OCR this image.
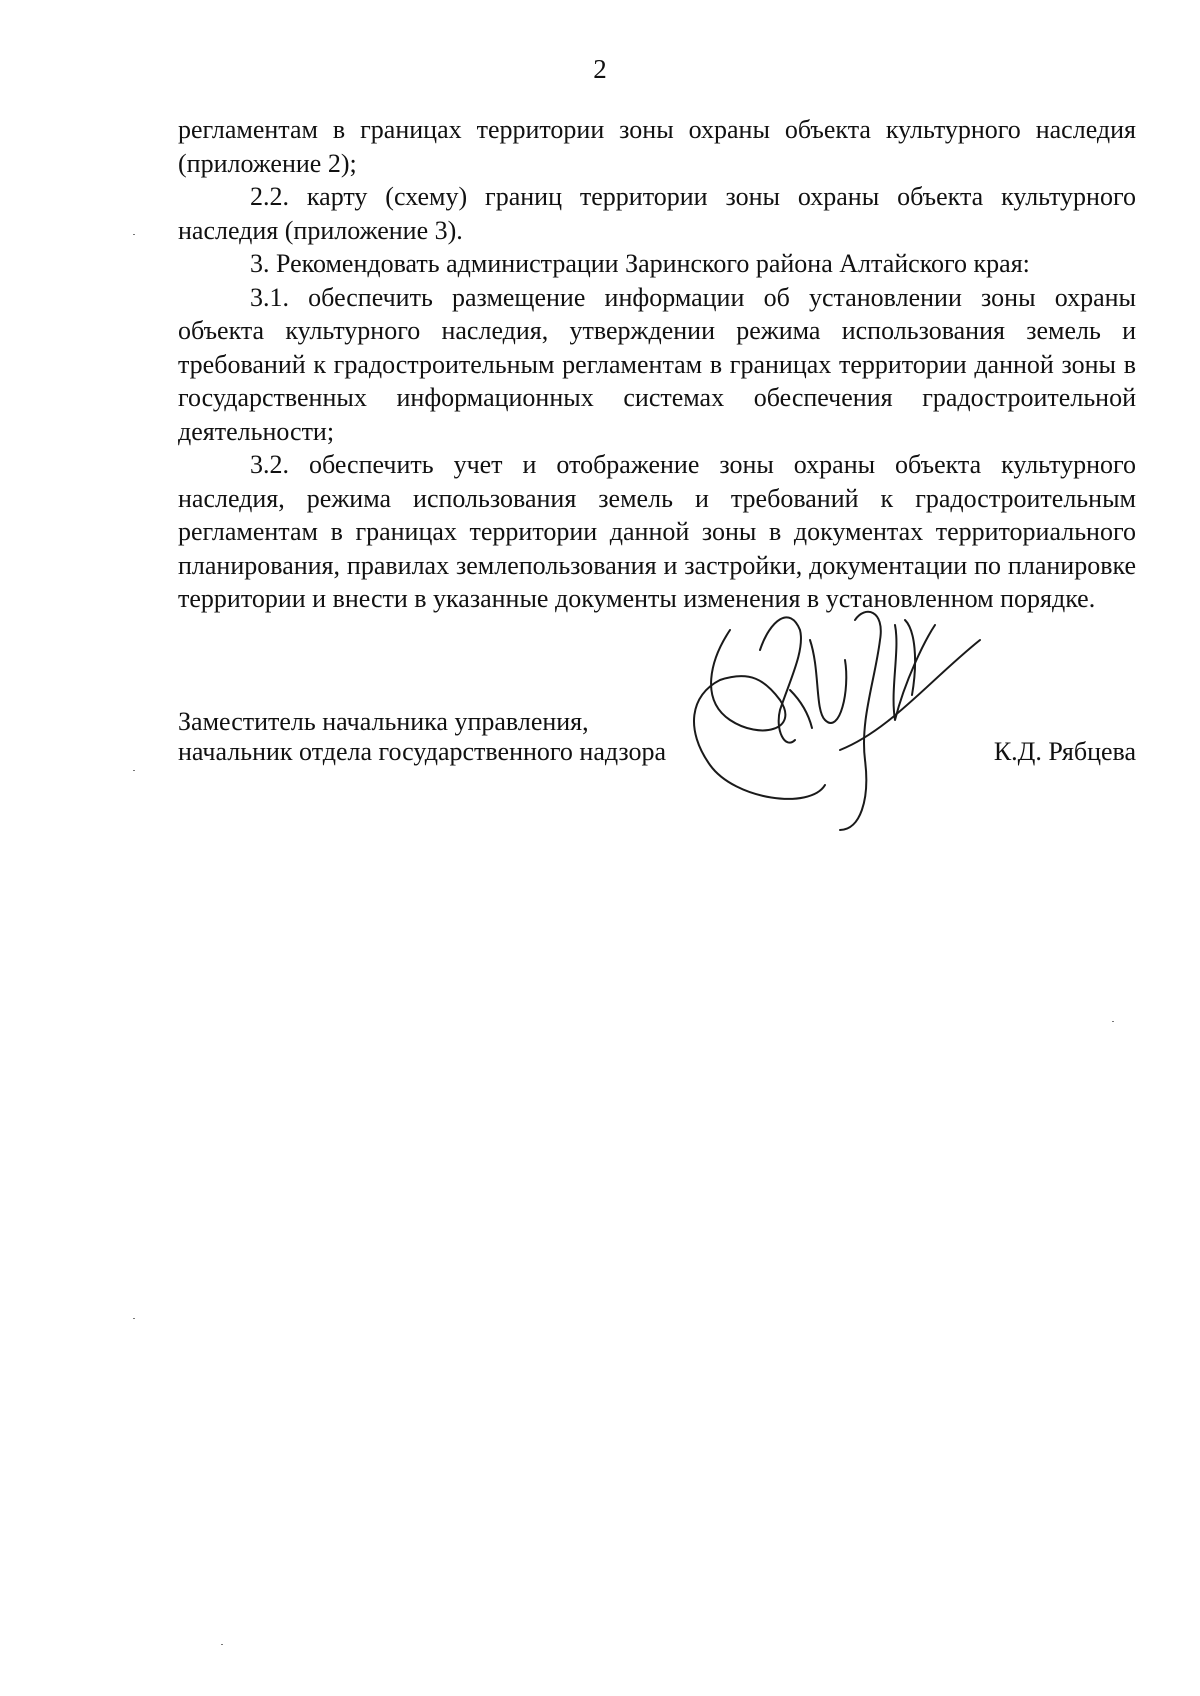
2

регламентам в границах территории зоны охраны объекта культурного наследия (приложение 2);

2.2. карту (схему) границ территории зоны охраны объекта культурного наследия (приложение 3).

3. Рекомендовать администрации Заринского района Алтайского края:

3.1. обеспечить размещение информации об установлении зоны охраны объекта культурного наследия, утверждении режима использования земель и требований к градостроительным регламентам в границах территории данной зоны в государственных информационных системах обеспечения градостроительной деятельности;

3.2. обеспечить учет и отображение зоны охраны объекта культурного наследия, режима использования земель и требований к градостроительным регламентам в границах территории данной зоны в документах территориального планирования, правилах землепользования и застройки, документации по планировке территории и внести в указанные документы изменения в установленном порядке.

Заместитель начальника управления,
начальник отдела государственного надзора	К.Д. Рябцева
